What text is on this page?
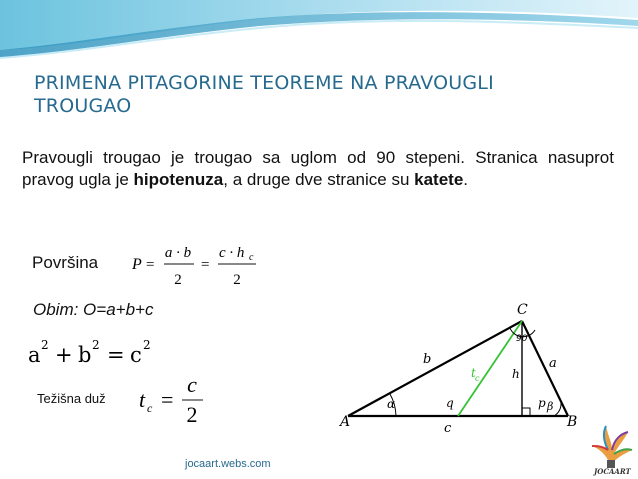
PRIMENA PITAGORINE TEOREME NA PRAVOUGLI
TROUGAO
Pravougli trougao je trougao sa uglom od 90 stepeni. Stranica nasuprot pravog ugla je hipotenuza, a druge dve stranice su katete.
Površina P =
a · b
2
=
c · h c
2
Obim: O=a+b+c
a 2 + b 2 = c 2
Težišna duž t c =
c
2	A	B
C
b	a
c
h
p
q
t c
α	β
90
jocaart.webs.com
JOCAART
